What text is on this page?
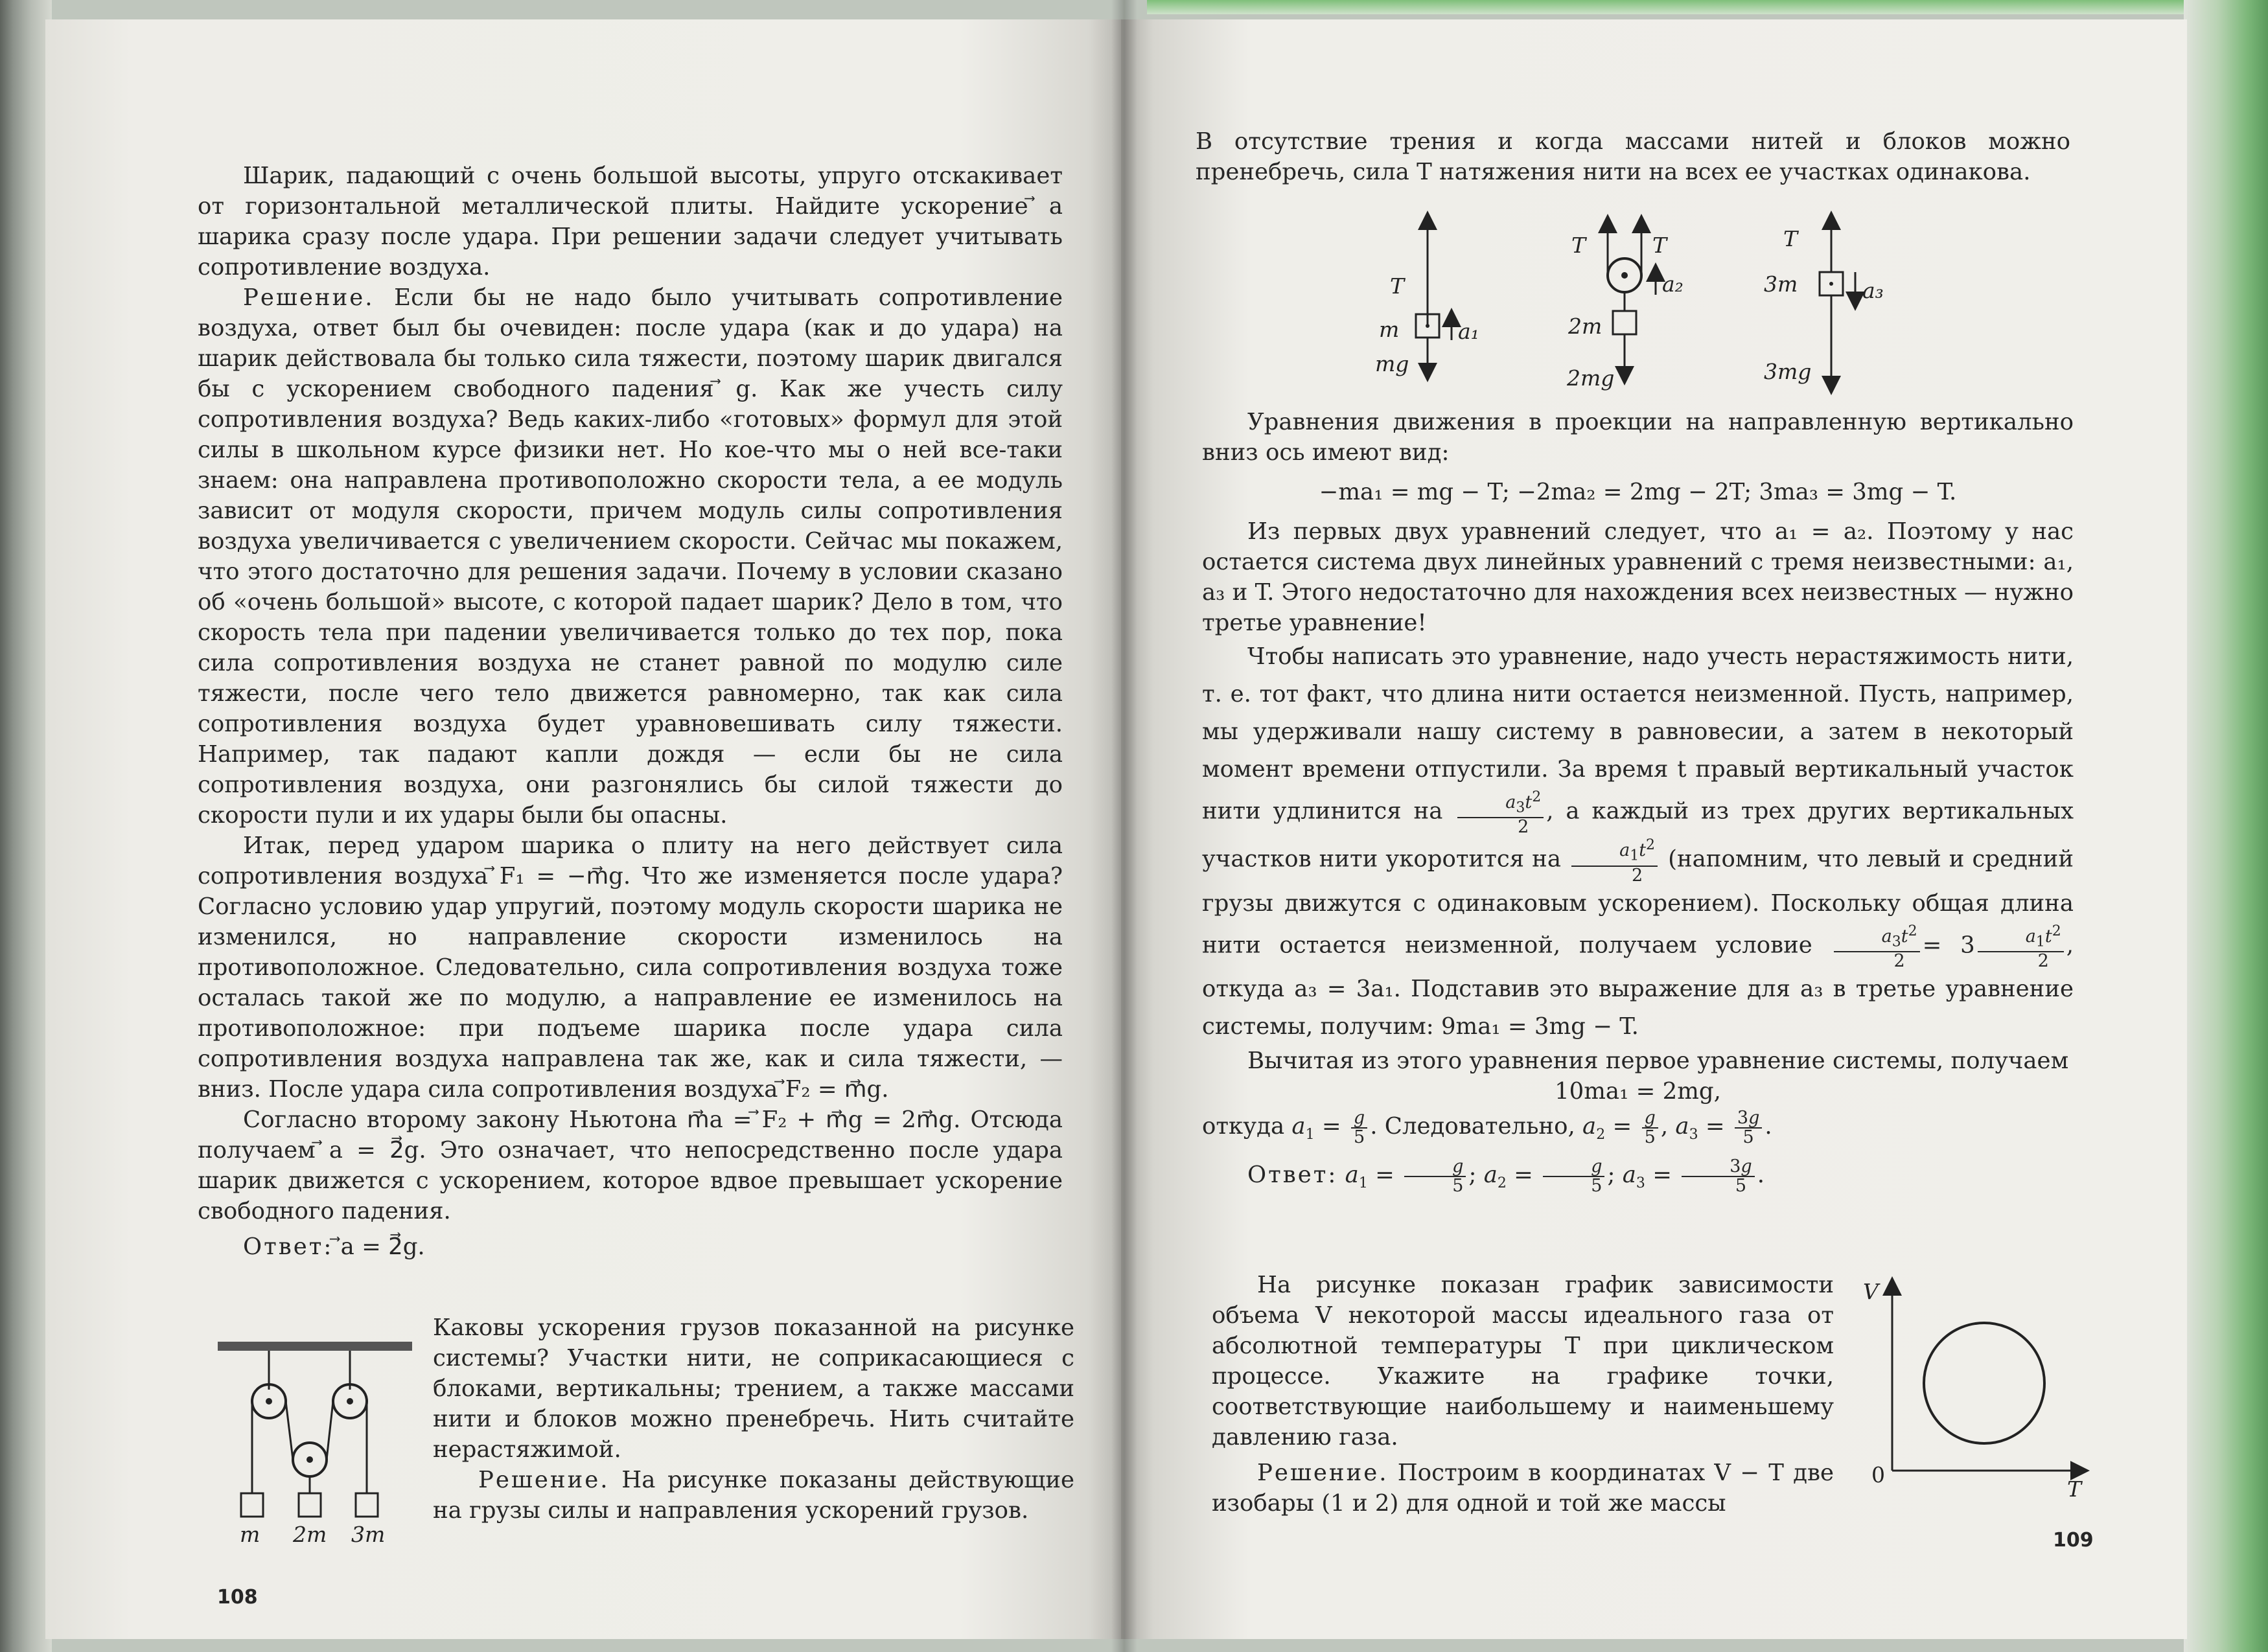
Шарик, падающий с очень большой высоты, упруго отскакивает от горизонтальной металлической плиты. Найдите ускорение ⃗a шарика сразу после удара. При решении задачи следует учитывать сопротивление воздуха.

Решение. Если бы не надо было учитывать сопротивление воздуха, ответ был бы очевиден: после удара (как и до удара) на шарик действовала бы только сила тяжести, поэтому шарик двигался бы с ускорением свободного падения ⃗g. Как же учесть силу сопротивления воздуха? Ведь каких-либо «готовых» формул для этой силы в школьном курсе физики нет. Но кое-что мы о ней все-таки знаем: она направлена противоположно скорости тела, а ее модуль зависит от модуля скорости, причем модуль силы сопротивления воздуха увеличивается с увеличением скорости. Сейчас мы покажем, что этого достаточно для решения задачи. Почему в условии сказано об «очень большой» высоте, с которой падает шарик? Дело в том, что скорость тела при падении увеличивается только до тех пор, пока сила сопротивления воздуха не станет равной по модулю силе тяжести, после чего тело движется равномерно, так как сила сопротивления воздуха будет уравновешивать силу тяжести. Например, так падают капли дождя — если бы не сила сопротивления воздуха, они разгонялись бы силой тяжести до скорости пули и их удары были бы опасны.

Итак, перед ударом шарика о плиту на него действует сила сопротивления воздуха ⃗F₁ = −m⃗g. Что же изменяется после удара? Согласно условию удар упругий, поэтому модуль скорости шарика не изменился, но направление скорости изменилось на противоположное. Следовательно, сила сопротивления воздуха тоже осталась такой же по модулю, а направление ее изменилось на противоположное: при подъеме шарика после удара сила сопротивления воздуха направлена так же, как и сила тяжести, — вниз. После удара сила сопротивления воздуха ⃗F₂ = m⃗g.

Согласно второму закону Ньютона m⃗a = ⃗F₂ + m⃗g = 2m⃗g. Отсюда получаем ⃗a = 2⃗g. Это означает, что непосредственно после удара шарик движется с ускорением, которое вдвое превышает ускорение свободного падения.

Ответ: ⃗a = 2⃗g.

m 2m 3m

Каковы ускорения грузов показанной на рисунке системы? Участки нити, не соприкасающиеся с блоками, вертикальны; трением, а также массами нити и блоков можно пренебречь. Нить считайте нерастяжимой.

Решение. На рисунке показаны действующие на грузы силы и направления ускорений грузов.

108

В отсутствие трения и когда массами нитей и блоков можно пренебречь, сила T натяжения нити на всех ее участках одинакова.

T
m
mg
a₁
T	T
2m
2mg
a₂
T
3m
3mg
a₃

Уравнения движения в проекции на направленную вертикально вниз ось имеют вид:

−ma₁ = mg − T; −2ma₂ = 2mg − 2T; 3ma₃ = 3mg − T.

Из первых двух уравнений следует, что a₁ = a₂. Поэтому у нас остается система двух линейных уравнений с тремя неизвестными: a₁, a₃ и T. Этого недостаточно для нахождения всех неизвестных — нужно третье уравнение!

Чтобы написать это уравнение, надо учесть нерастяжимость нити, т. е. тот факт, что длина нити остается неизменной. Пусть, например, мы удерживали нашу систему в равновесии, а затем в некоторый момент времени отпустили. За время t правый вертикальный участок нити удлинится на $\frac{a_3t^2}{2}$ , а каждый из трех других вертикальных участков нити укоротится на $\frac{a_1t^2}{2}$ (напомним, что левый и средний грузы движутся с одинаковым ускорением). Поскольку общая длина нити остается неизменной, получаем условие $\frac{a_3t^2}{2} = 3 \frac{a_1t^2}{2}$ , откуда a₃ = 3a₁. Подставив это выражение для a₃ в третье уравнение системы, получим: 9ma₁ = 3mg − T.

Вычитая из этого уравнения первое уравнение системы, получаем

10ma₁ = 2mg,

откуда $a_1 = \frac{g}{5}$ . Следовательно, $a_2 = \frac{g}{5}$ , $a_3 = \frac{3g}{5}$ .

Ответ: $a_1 = \frac{g}{5}$ ; $a_2 = \frac{g}{5}$ ; $a_3 = \frac{3g}{5}$ .

На рисунке показан график зависимости объема V некоторой массы идеального газа от абсолютной температуры T при циклическом процессе. Укажите на графике точки, соответствующие наибольшему и наименьшему давлению газа.

Решение. Построим в координатах V − T две изобары (1 и 2) для одной и той же массы

V
T
0
109
